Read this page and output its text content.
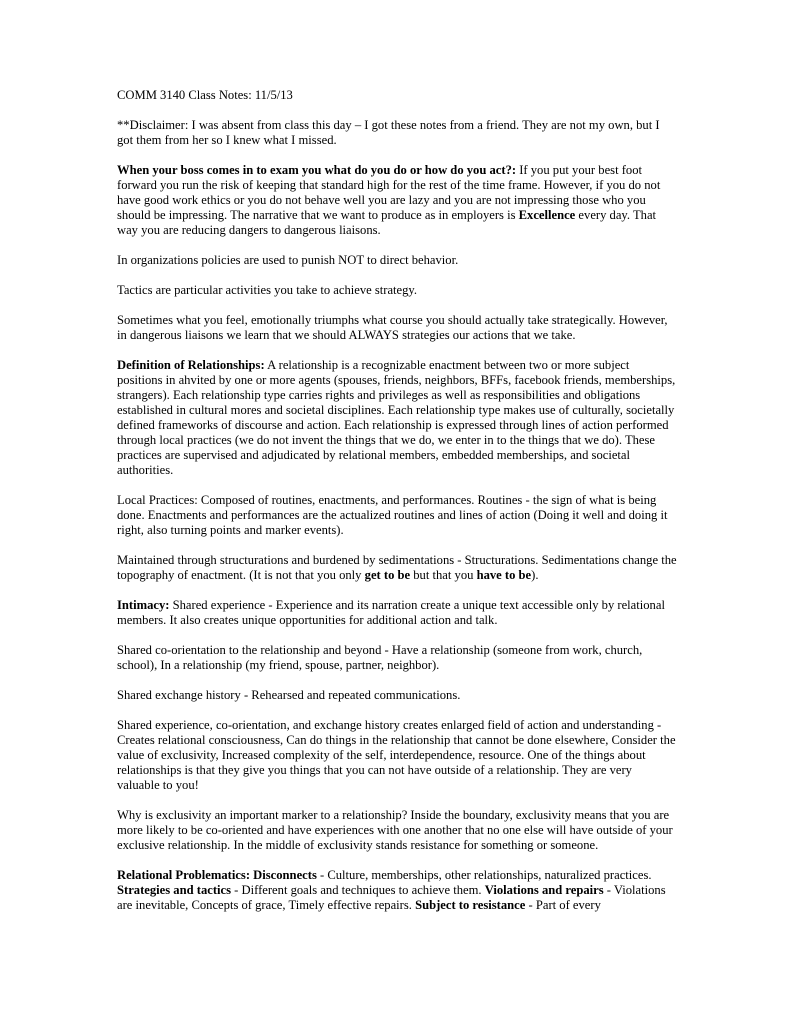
COMM 3140 Class Notes: 11/5/13

**Disclaimer: I was absent from class this day – I got these notes from a friend. They are not my own, but I got them from her so I knew what I missed.

When your boss comes in to exam you what do you do or how do you act?: If you put your best foot forward you run the risk of keeping that standard high for the rest of the time frame. However, if you do not have good work ethics or you do not behave well you are lazy and you are not impressing those who you should be impressing. The narrative that we want to produce as in employers is Excellence every day. That way you are reducing dangers to dangerous liaisons.

In organizations policies are used to punish NOT to direct behavior.

Tactics are particular activities you take to achieve strategy.

Sometimes what you feel, emotionally triumphs what course you should actually take strategically. However, in dangerous liaisons we learn that we should ALWAYS strategies our actions that we take.

Definition of Relationships: A relationship is a recognizable enactment between two or more subject positions in ahvited by one or more agents (spouses, friends, neighbors, BFFs, facebook friends, memberships, strangers). Each relationship type carries rights and privileges as well as responsibilities and obligations established in cultural mores and societal disciplines. Each relationship type makes use of culturally, societally defined frameworks of discourse and action. Each relationship is expressed through lines of action performed through local practices (we do not invent the things that we do, we enter in to the things that we do). These practices are supervised and adjudicated by relational members, embedded memberships, and societal authorities.

Local Practices: Composed of routines, enactments, and performances. Routines - the sign of what is being done. Enactments and performances are the actualized routines and lines of action (Doing it well and doing it right, also turning points and marker events).

Maintained through structurations and burdened by sedimentations - Structurations. Sedimentations change the topography of enactment. (It is not that you only get to be but that you have to be).

Intimacy: Shared experience - Experience and its narration create a unique text accessible only by relational members. It also creates unique opportunities for additional action and talk.

Shared co-orientation to the relationship and beyond - Have a relationship (someone from work, church, school), In a relationship (my friend, spouse, partner, neighbor).

Shared exchange history - Rehearsed and repeated communications.

Shared experience, co-orientation, and exchange history creates enlarged field of action and understanding - Creates relational consciousness, Can do things in the relationship that cannot be done elsewhere, Consider the value of exclusivity, Increased complexity of the self, interdependence, resource. One of the things about relationships is that they give you things that you can not have outside of a relationship. They are very valuable to you!

Why is exclusivity an important marker to a relationship? Inside the boundary, exclusivity means that you are more likely to be co-oriented and have experiences with one another that no one else will have outside of your exclusive relationship. In the middle of exclusivity stands resistance for something or someone.

Relational Problematics: Disconnects - Culture, memberships, other relationships, naturalized practices. Strategies and tactics - Different goals and techniques to achieve them. Violations and repairs - Violations are inevitable, Concepts of grace, Timely effective repairs. Subject to resistance - Part of every
